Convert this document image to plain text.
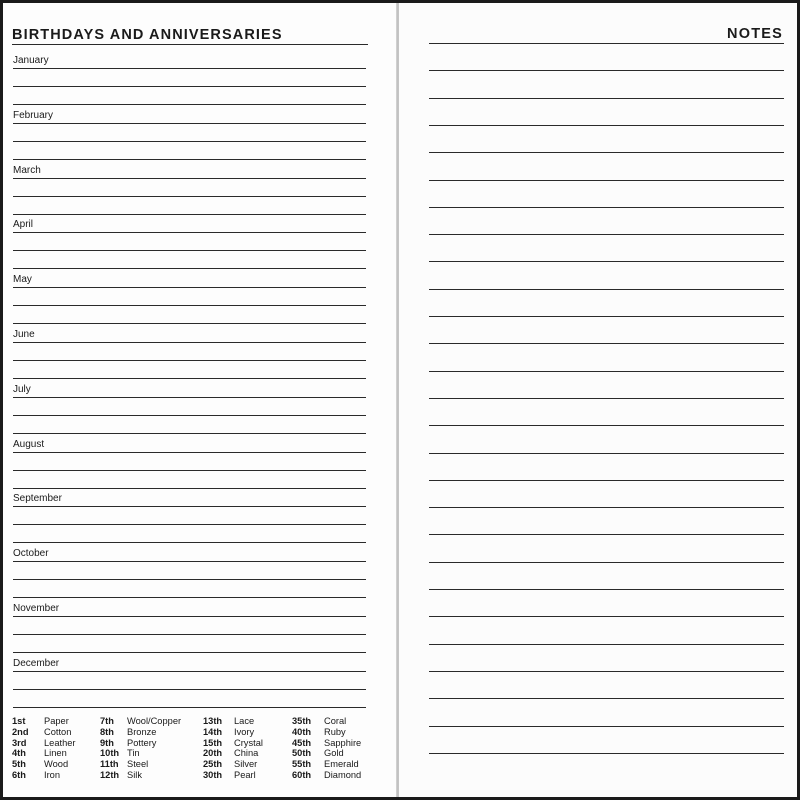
BIRTHDAYS AND ANNIVERSARIES
January
February
March
April
May
June
July
August
September
October
November
December
1st Paper
2nd Cotton
3rd Leather
4th Linen
5th Wood
6th Iron
7th Wool/Copper
8th Bronze
9th Pottery
10th Tin
11th Steel
12th Silk
13th Lace
14th Ivory
15th Crystal
20th China
25th Silver
30th Pearl
35th Coral
40th Ruby
45th Sapphire
50th Gold
55th Emerald
60th Diamond
NOTES
